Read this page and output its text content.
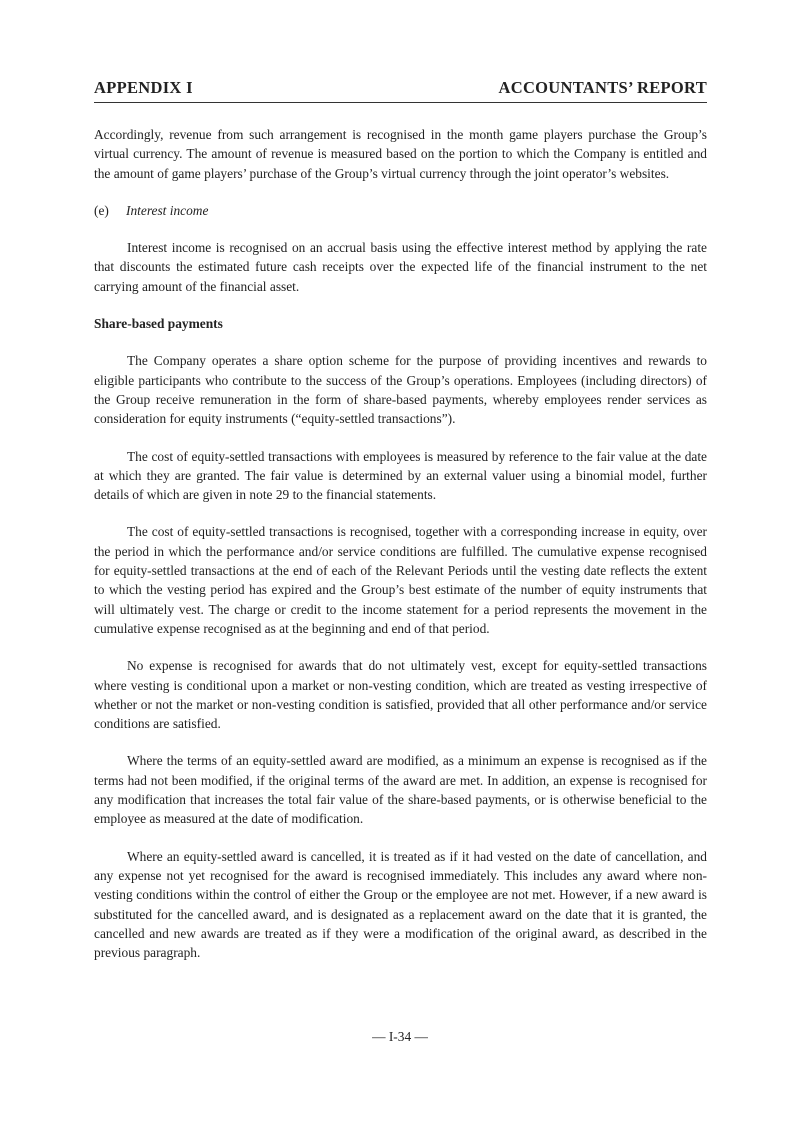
APPENDIX I	ACCOUNTANTS’ REPORT

Accordingly, revenue from such arrangement is recognised in the month game players purchase the Group’s virtual currency. The amount of revenue is measured based on the portion to which the Company is entitled and the amount of game players’ purchase of the Group’s virtual currency through the joint operator’s websites.

(e) Interest income

Interest income is recognised on an accrual basis using the effective interest method by applying the rate that discounts the estimated future cash receipts over the expected life of the financial instrument to the net carrying amount of the financial asset.

Share-based payments

The Company operates a share option scheme for the purpose of providing incentives and rewards to eligible participants who contribute to the success of the Group’s operations. Employees (including directors) of the Group receive remuneration in the form of share-based payments, whereby employees render services as consideration for equity instruments (“equity-settled transactions”).

The cost of equity-settled transactions with employees is measured by reference to the fair value at the date at which they are granted. The fair value is determined by an external valuer using a binomial model, further details of which are given in note 29 to the financial statements.

The cost of equity-settled transactions is recognised, together with a corresponding increase in equity, over the period in which the performance and/or service conditions are fulfilled. The cumulative expense recognised for equity-settled transactions at the end of each of the Relevant Periods until the vesting date reflects the extent to which the vesting period has expired and the Group’s best estimate of the number of equity instruments that will ultimately vest. The charge or credit to the income statement for a period represents the movement in the cumulative expense recognised as at the beginning and end of that period.

No expense is recognised for awards that do not ultimately vest, except for equity-settled transactions where vesting is conditional upon a market or non-vesting condition, which are treated as vesting irrespective of whether or not the market or non-vesting condition is satisfied, provided that all other performance and/or service conditions are satisfied.

Where the terms of an equity-settled award are modified, as a minimum an expense is recognised as if the terms had not been modified, if the original terms of the award are met. In addition, an expense is recognised for any modification that increases the total fair value of the share-based payments, or is otherwise beneficial to the employee as measured at the date of modification.

Where an equity-settled award is cancelled, it is treated as if it had vested on the date of cancellation, and any expense not yet recognised for the award is recognised immediately. This includes any award where non-vesting conditions within the control of either the Group or the employee are not met. However, if a new award is substituted for the cancelled award, and is designated as a replacement award on the date that it is granted, the cancelled and new awards are treated as if they were a modification of the original award, as described in the previous paragraph.

— I-34 —
